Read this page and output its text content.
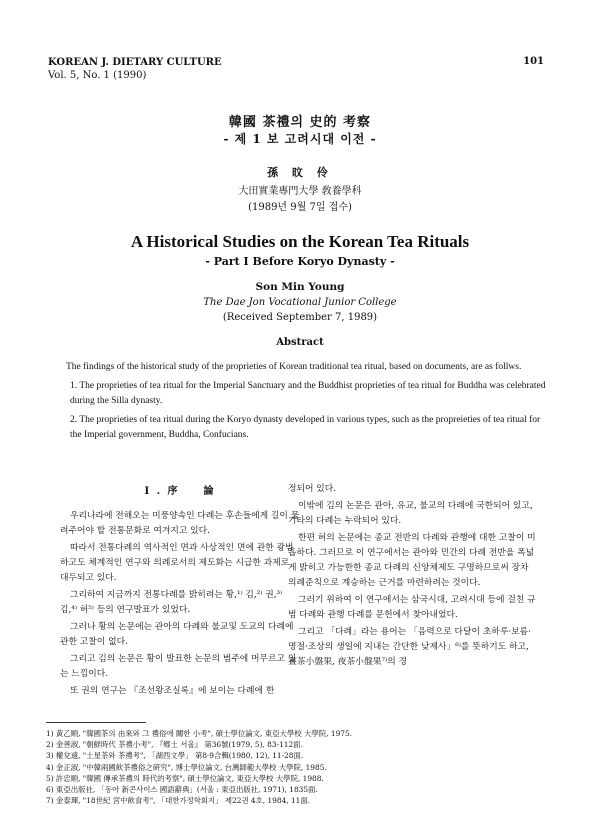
KOREAN J. DIETARY CULTURE
Vol. 5, No. 1 (1990)
101
韓國 茶禮의 史的 考察
- 제 1 보 고려시대 이전 -
孫 旼 伶
大田實業專門大學 敎養學科
(1989년 9월 7일 접수)
A Historical Studies on the Korean Tea Rituals
- Part I Before Koryo Dynasty -
Son Min Young
The Dae Jon Vocational Junior College
(Received September 7, 1989)
Abstract

The findings of the historical study of the proprieties of Korean traditional tea ritual, based on documents, are as follws.

1. The proprieties of tea ritual for the Imperial Sanctuary and the Buddhist proprieties of tea ritual for Buddha was celebrated during the Silla dynasty.
2. The proprieties of tea ritual during the Koryo dynasty developed in various types, such as the propreieties of tea ritual for the Imperial government, Buddha, Confucians.
I . 序　　論

우리나라에 전해오는 미풍양속인 다례는 후손들에게 길이 물려주어야 할 전통문화로 여겨지고 있다.

따라서 전통다례의 역사적인 면과 사상적인 면에 관한 광범하고도 체계적인 연구와 의례로서의 제도화는 시급한 과제로 대두되고 있다.

그리하여 지금까지 전통다례를 밝히려는 황,¹⁾ 김,²⁾ 권,³⁾ 김,⁴⁾ 허⁵⁾ 등의 연구발표가 있었다.

그러나 황의 논문에는 관아의 다례와 불교및 도교의 다례에 관한 고찰이 없다.

그리고 김의 논문은 황이 발표한 논문의 범주에 머무르고 있는 느낌이다.

또 권의 연구는 『조선왕조실록』에 보이는 다례에 한

정되어 있다.

이밖에 김의 논문은 관아, 유교, 불교의 다례에 국한되어 있고, 기타의 다례는 누락되어 있다.

한편 허의 논문에는 종교 전반의 다례와 관행에 대한 고찰이 미흡하다. 그러므로 이 연구에서는 관아와 민간의 다례 전반을 폭넓게 밝히고 가능한한 종교 다례의 신앙체제도 구명하므로써 장차 의례준칙으로 계승하는 근거를 마련하려는 것이다.

그러기 위하여 이 연구에서는 삼국시대, 고려시대 등에 걸친 규범 다례와 관행 다례를 문헌에서 찾아내었다.

그리고 「다례」라는 용어는 「음력으로 다달이 초하루·보름·명절·조상의 생일에 지내는 간단한 낮제사」⁶⁾를 뜻하기도 하고, 晝茶小盤果, 夜茶小盤果⁷⁾의 경

1) 黃乙順, "韓國茶의 由來와 그 禮俗에 關한 小考", 碩士學位論文, 東亞大學校 大學院, 1975.
2) 金善淑, "朝鮮時代 茶禮小考", 『鄕土 서울』 第36號(1979, 5), 83-112面.
3) 權兌遠, "土星茶와 茶禮考", 「湖西文學」 第8·9合輯(1980, 12), 11-28面.
4) 金正淑, "中韓兩國飮茶禮俗之硏究", 博士學位論文, 台灣師範大學校 大學院, 1985.
5) 許忠順, "韓國 傳承茶禮의 時代的考察", 碩士學位論文, 東亞大學校 大學院, 1988.
6) 東亞出版社, 「동아 新콘사이스 國語辭典」(서울 : 東亞出版社, 1971), 1835面.
7) 金泰琿, "18世紀 宮中飮食考", 「대한가정학회지」 제22권 4호, 1984, 11面.
